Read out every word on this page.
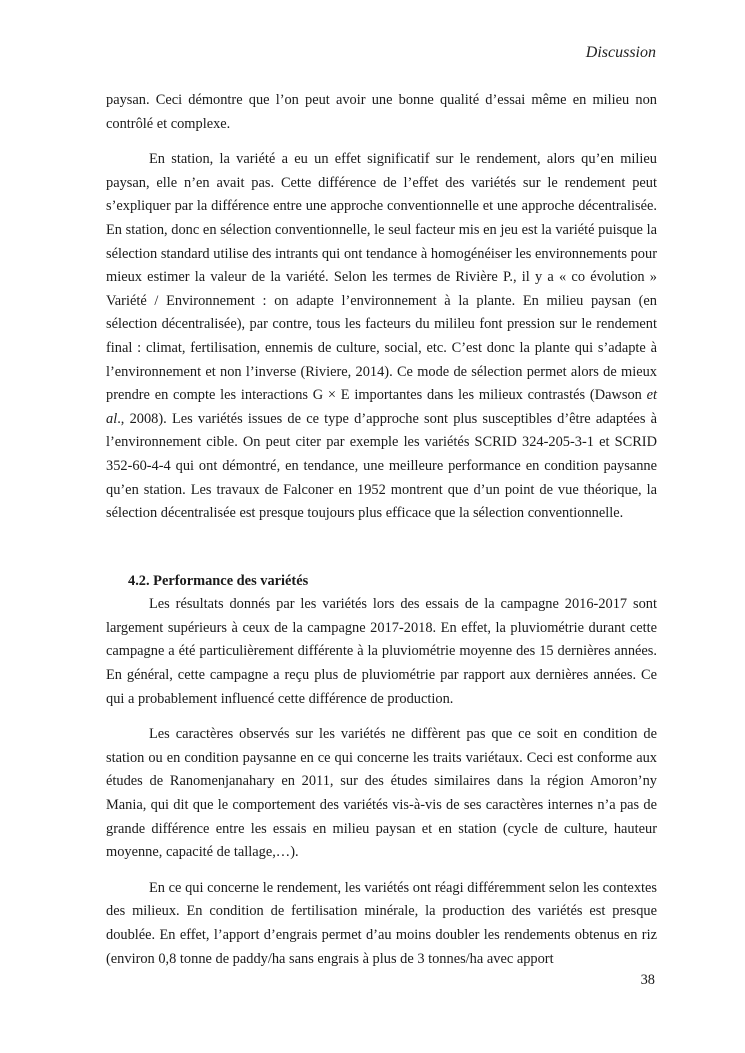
Discussion

paysan. Ceci démontre que l’on peut avoir une bonne qualité d’essai même en milieu non contrôlé et complexe.

En station, la variété a eu un effet significatif sur le rendement, alors qu’en milieu paysan, elle n’en avait pas. Cette différence de l’effet des variétés sur le rendement peut s’expliquer par la différence entre une approche conventionnelle et une approche décentralisée. En station, donc en sélection conventionnelle, le seul facteur mis en jeu est la variété puisque la sélection standard utilise des intrants qui ont tendance à homogénéiser les environnements pour mieux estimer la valeur de la variété. Selon les termes de Rivière P., il y a « co évolution » Variété / Environnement : on adapte l’environnement à la plante. En milieu paysan (en sélection décentralisée), par contre, tous les facteurs du milileu font pression sur le rendement final : climat, fertilisation, ennemis de culture, social, etc. C’est donc la plante qui s’adapte à l’environnement et non l’inverse (Riviere, 2014). Ce mode de sélection permet alors de mieux prendre en compte les interactions G × E importantes dans les milieux contrastés (Dawson et al., 2008). Les variétés issues de ce type d’approche sont plus susceptibles d’être adaptées à l’environnement cible. On peut citer par exemple les variétés SCRID 324-205-3-1 et SCRID 352-60-4-4 qui ont démontré, en tendance, une meilleure performance en condition paysanne qu’en station. Les travaux de Falconer en 1952 montrent que d’un point de vue théorique, la sélection décentralisée est presque toujours plus efficace que la sélection conventionnelle.

4.2. Performance des variétés

Les résultats donnés par les variétés lors des essais de la campagne 2016-2017 sont largement supérieurs à ceux de la campagne 2017-2018. En effet, la pluviométrie durant cette campagne a été particulièrement différente à la pluviométrie moyenne des 15 dernières années. En général, cette campagne a reçu plus de pluviométrie par rapport aux dernières années. Ce qui a probablement influencé cette différence de production.

Les caractères observés sur les variétés ne diffèrent pas que ce soit en condition de station ou en condition paysanne en ce qui concerne les traits variétaux. Ceci est conforme aux études de Ranomenjanahary en 2011, sur des études similaires dans la région Amoron’ny Mania, qui dit que le comportement des variétés vis-à-vis de ses caractères internes n’a pas de grande différence entre les essais en milieu paysan et en station (cycle de culture, hauteur moyenne, capacité de tallage,…).

En ce qui concerne le rendement, les variétés ont réagi différemment selon les contextes des milieux. En condition de fertilisation minérale, la production des variétés est presque doublée. En effet, l’apport d’engrais permet d’au moins doubler les rendements obtenus en riz (environ 0,8 tonne de paddy/ha sans engrais à plus de 3 tonnes/ha avec apport

38
